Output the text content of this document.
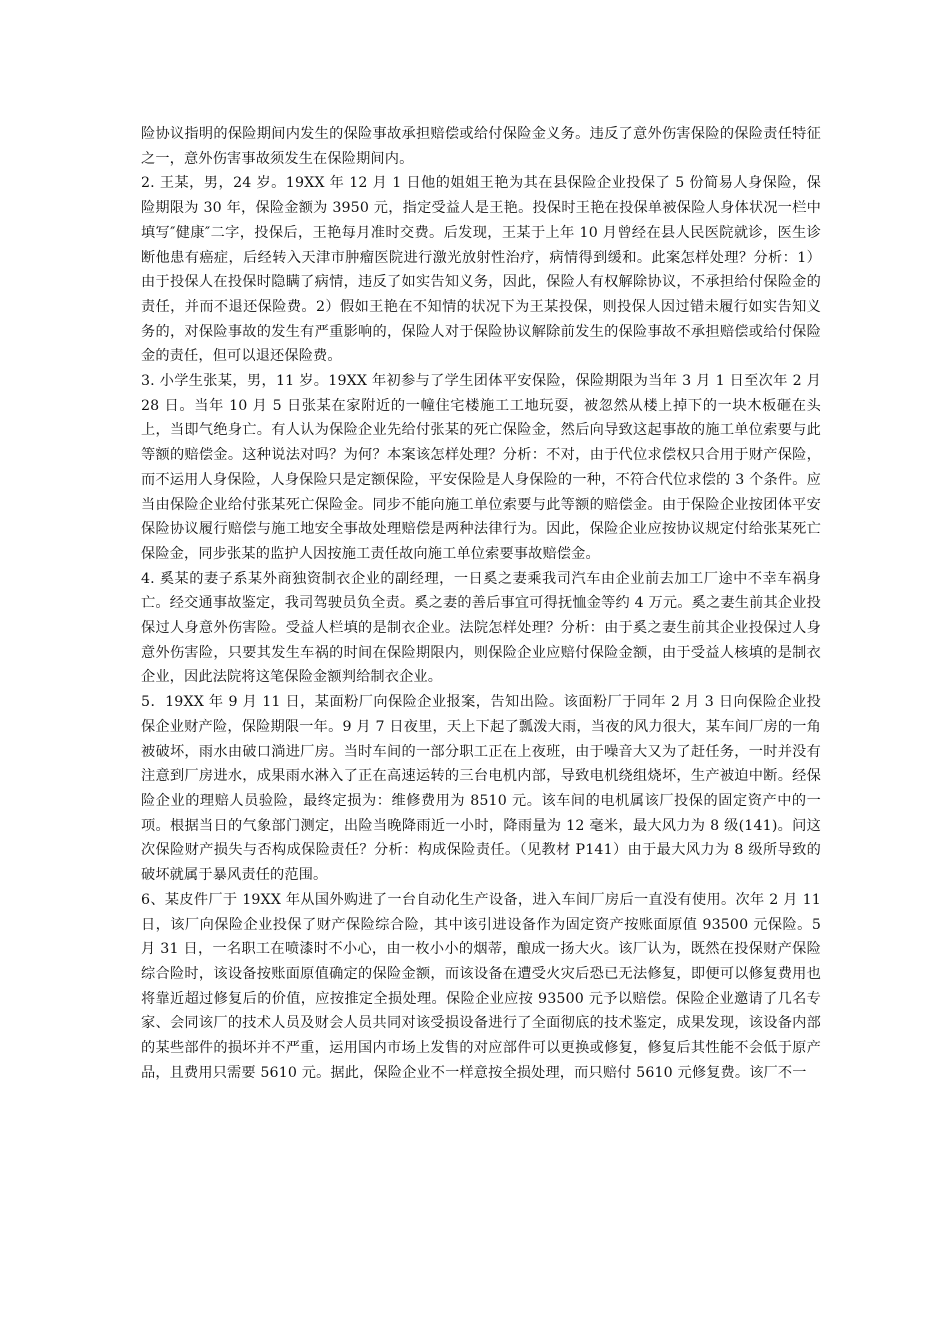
险协议指明的保险期间内发生的保险事故承担赔偿或给付保险金义务。违反了意外伤害保险的保险责任特征之一，意外伤害事故须发生在保险期间内。

2. 王某，男，24 岁。19XX 年 12 月 1 日他的姐姐王艳为其在县保险企业投保了 5 份简易人身保险，保险期限为 30 年，保险金额为 3950 元，指定受益人是王艳。投保时王艳在投保单被保险人身体状况一栏中填写″健康″二字，投保后，王艳每月准时交费。后发现，王某于上年 10 月曾经在县人民医院就诊，医生诊断他患有癌症，后经转入天津市肿瘤医院进行激光放射性治疗，病情得到缓和。此案怎样处理？分析：1）由于投保人在投保时隐瞒了病情，违反了如实告知义务，因此，保险人有权解除协议，不承担给付保险金的责任，并而不退还保险费。2）假如王艳在不知情的状况下为王某投保，则投保人因过错未履行如实告知义务的，对保险事故的发生有严重影响的，保险人对于保险协议解除前发生的保险事故不承担赔偿或给付保险金的责任，但可以退还保险费。

3. 小学生张某，男，11 岁。19XX 年初参与了学生团体平安保险，保险期限为当年 3 月 1 日至次年 2 月 28 日。当年 10 月 5 日张某在家附近的一幢住宅楼施工工地玩耍，被忽然从楼上掉下的一块木板砸在头上，当即气绝身亡。有人认为保险企业先给付张某的死亡保险金，然后向导致这起事故的施工单位索要与此等额的赔偿金。这种说法对吗？为何？本案该怎样处理？分析：不对，由于代位求偿权只合用于财产保险，而不运用人身保险，人身保险只是定额保险，平安保险是人身保险的一种，不符合代位求偿的 3 个条件。应当由保险企业给付张某死亡保险金。同步不能向施工单位索要与此等额的赔偿金。由于保险企业按团体平安保险协议履行赔偿与施工地安全事故处理赔偿是两种法律行为。因此，保险企业应按协议规定付给张某死亡保险金，同步张某的监护人因按施工责任故向施工单位索要事故赔偿金。

4. 奚某的妻子系某外商独资制衣企业的副经理，一日奚之妻乘我司汽车由企业前去加工厂途中不幸车祸身亡。经交通事故鉴定，我司驾驶员负全责。奚之妻的善后事宜可得抚恤金等约 4 万元。奚之妻生前其企业投保过人身意外伤害险。受益人栏填的是制衣企业。法院怎样处理？分析：由于奚之妻生前其企业投保过人身意外伤害险，只要其发生车祸的时间在保险期限内，则保险企业应赔付保险金额，由于受益人核填的是制衣企业，因此法院将这笔保险金额判给制衣企业。

5．19XX 年 9 月 11 日，某面粉厂向保险企业报案，告知出险。该面粉厂于同年 2 月 3 日向保险企业投保企业财产险，保险期限一年。9 月 7 日夜里，天上下起了瓢泼大雨，当夜的风力很大，某车间厂房的一角被破坏，雨水由破口淌进厂房。当时车间的一部分职工正在上夜班，由于噪音大又为了赶任务，一时并没有注意到厂房进水，成果雨水淋入了正在高速运转的三台电机内部，导致电机绕组烧坏，生产被迫中断。经保险企业的理赔人员验险，最终定损为：维修费用为 8510 元。该车间的电机属该厂投保的固定资产中的一项。根据当日的气象部门测定，出险当晚降雨近一小时，降雨量为 12 毫米，最大风力为 8 级(141)。问这次保险财产损失与否构成保险责任？分析：构成保险责任。（见教材 P141）由于最大风力为 8 级所导致的破坏就属于暴风责任的范围。

6、某皮件厂于 19XX 年从国外购进了一台自动化生产设备，进入车间厂房后一直没有使用。次年 2 月 11 日，该厂向保险企业投保了财产保险综合险，其中该引进设备作为固定资产按账面原值 93500 元保险。5 月 31 日，一名职工在喷漆时不小心，由一枚小小的烟蒂，酿成一扬大火。该厂认为，既然在投保财产保险综合险时，该设备按账面原值确定的保险金额，而该设备在遭受火灾后恐已无法修复，即便可以修复费用也将靠近超过修复后的价值，应按推定全损处理。保险企业应按 93500 元予以赔偿。保险企业邀请了几名专家、会同该厂的技术人员及财会人员共同对该受损设备进行了全面彻底的技术鉴定，成果发现，该设备内部的某些部件的损坏并不严重，运用国内市场上发售的对应部件可以更换或修复，修复后其性能不会低于原产品，且费用只需要 5610 元。据此，保险企业不一样意按全损处理，而只赔付 5610 元修复费。该厂不一
